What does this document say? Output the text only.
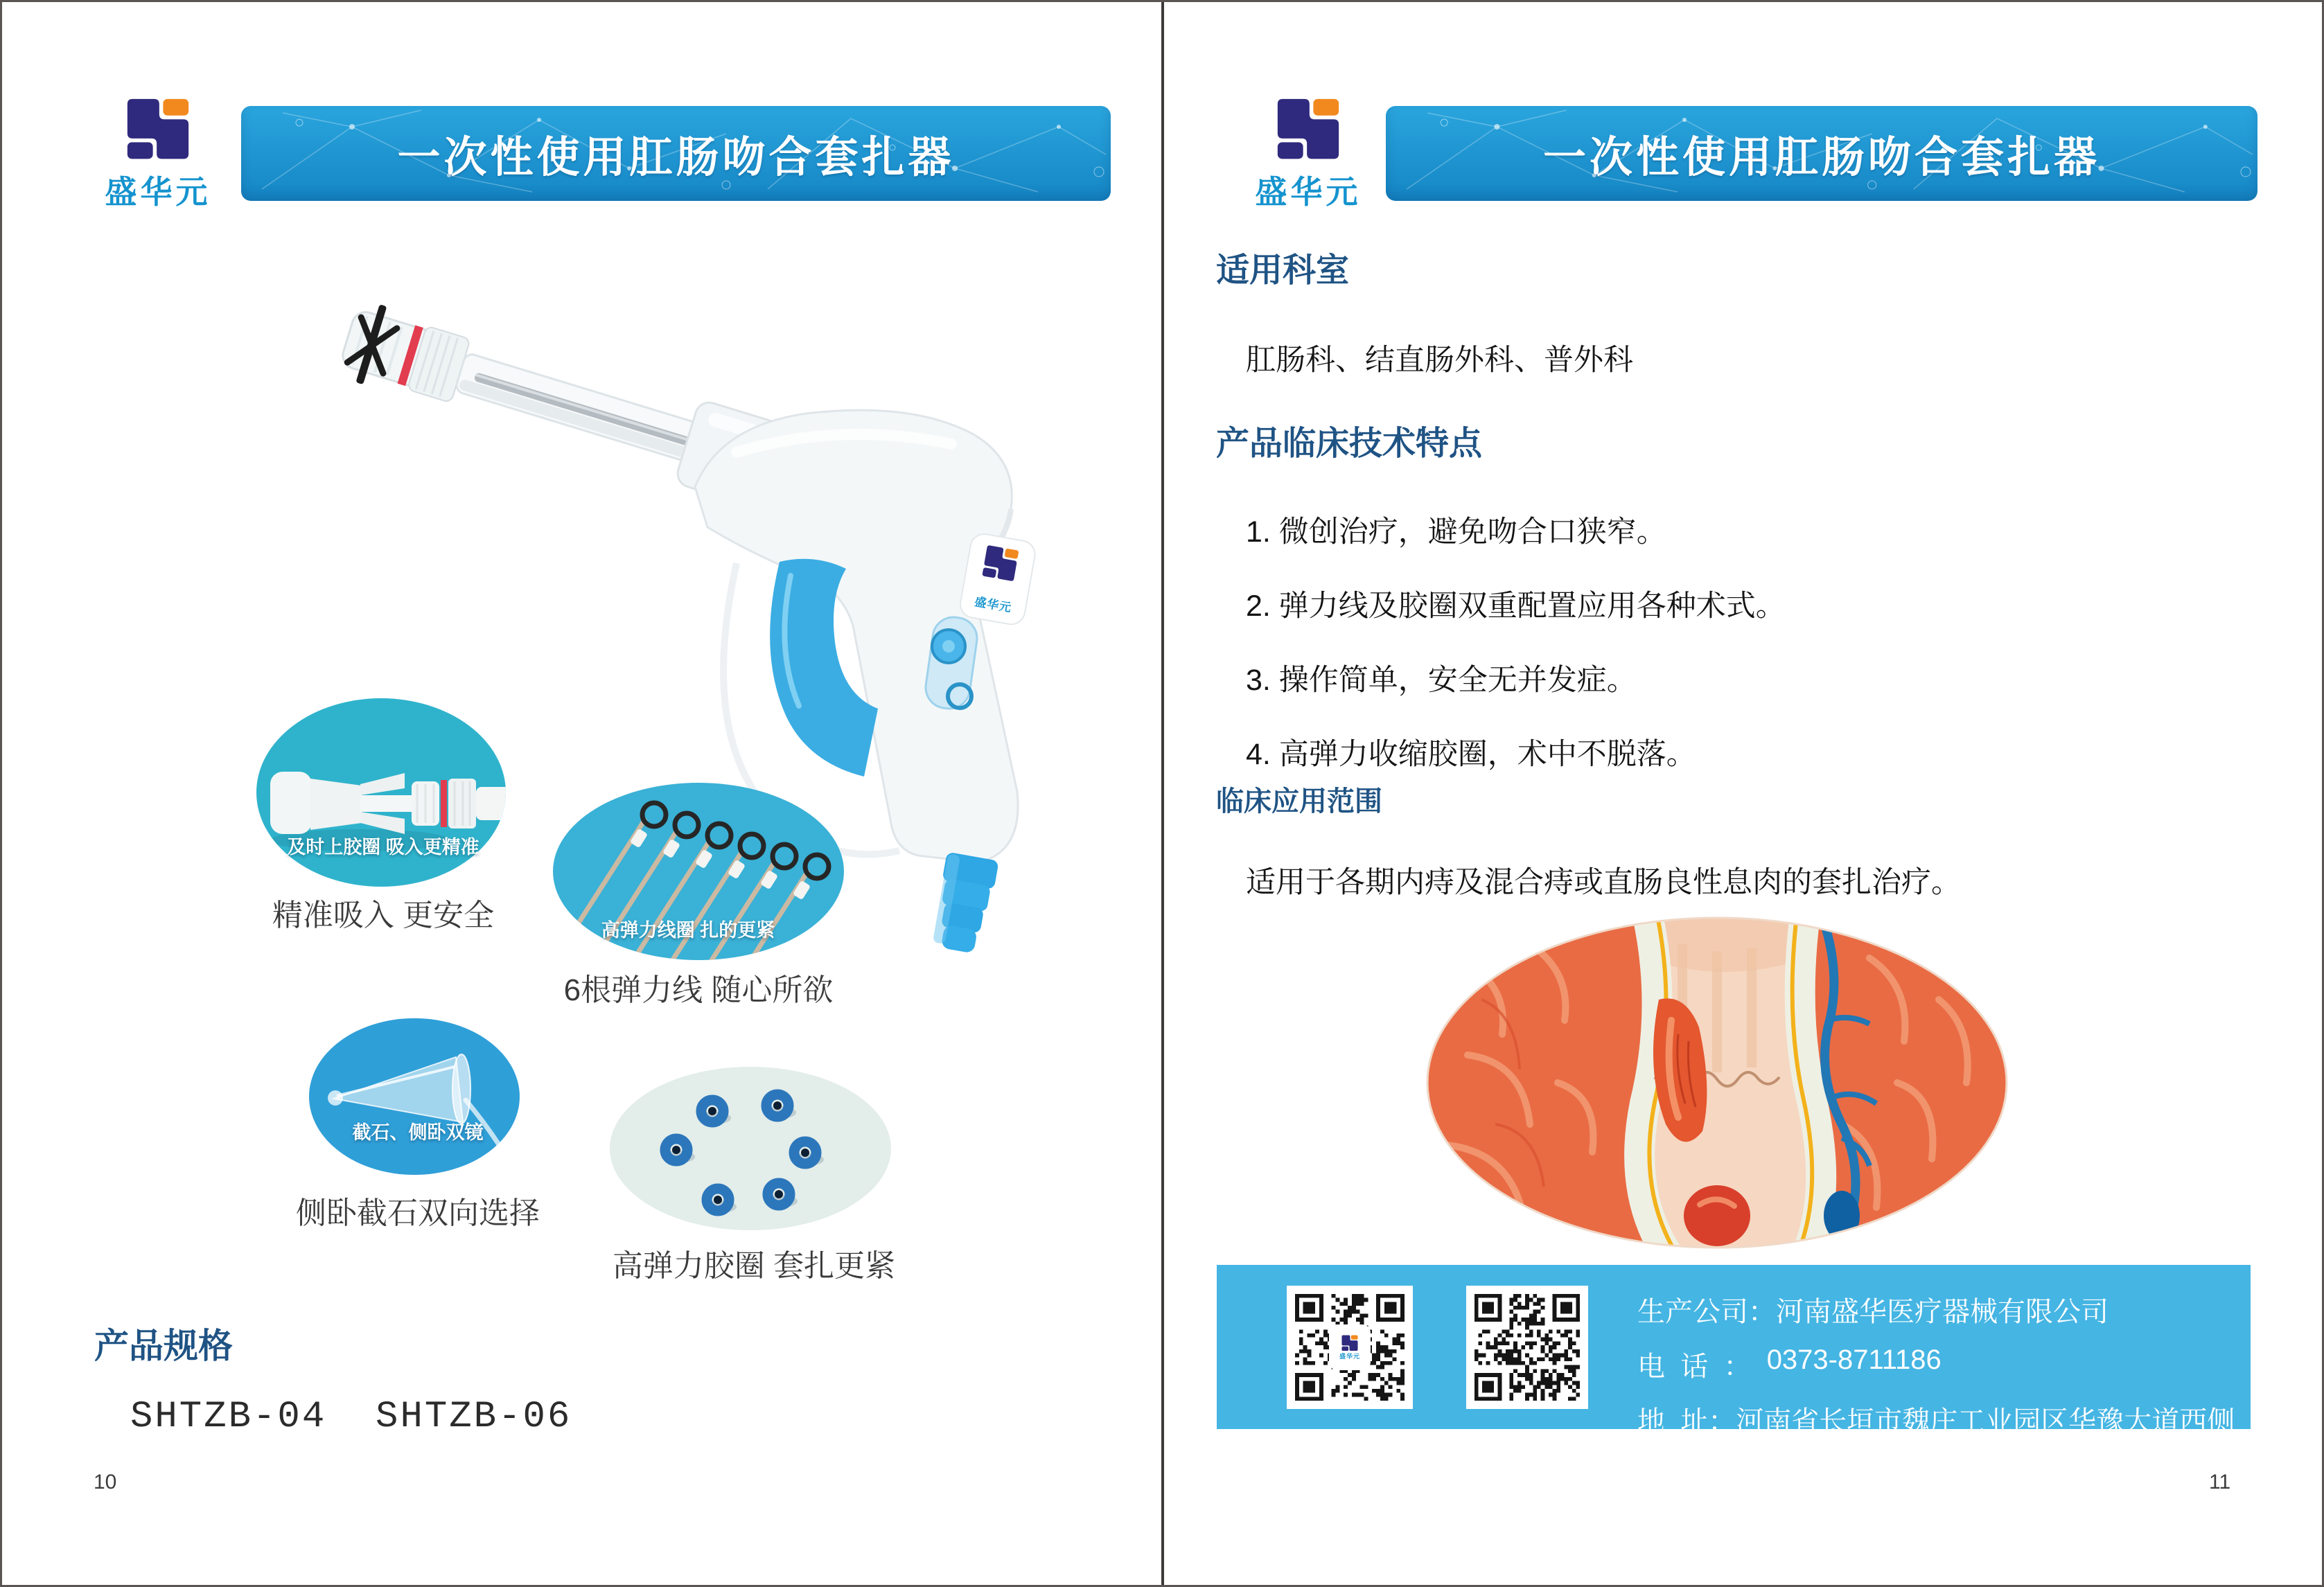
盛华元
一次性使用肛肠吻合套扎器
盛华元
及时上胶圈 吸入更精准
精准吸入 更安全	高弹力线圈 扎的更紧
6根弹力线 随心所欲
截石、侧卧双镜
侧卧截石双向选择
高弹力胶圈 套扎更紧
产品规格
SHTZB-04  SHTZB-06
10
盛华元
一次性使用肛肠吻合套扎器
适用科室
肛肠科、结直肠外科、普外科
产品临床技术特点
1. 微创治疗，避免吻合口狭窄。
2. 弹力线及胶圈双重配置应用各种术式。
3. 操作简单，安全无并发症。
4. 高弹力收缩胶圈，术中不脱落。
临床应用范围
适用于各期内痔及混合痔或直肠良性息肉的套扎治疗。
盛华元
生产公司： 河南盛华医疗器械有限公司
电  话  ： 0373-8711186
地  址： 河南省长垣市魏庄工业园区华豫大道西侧
11
